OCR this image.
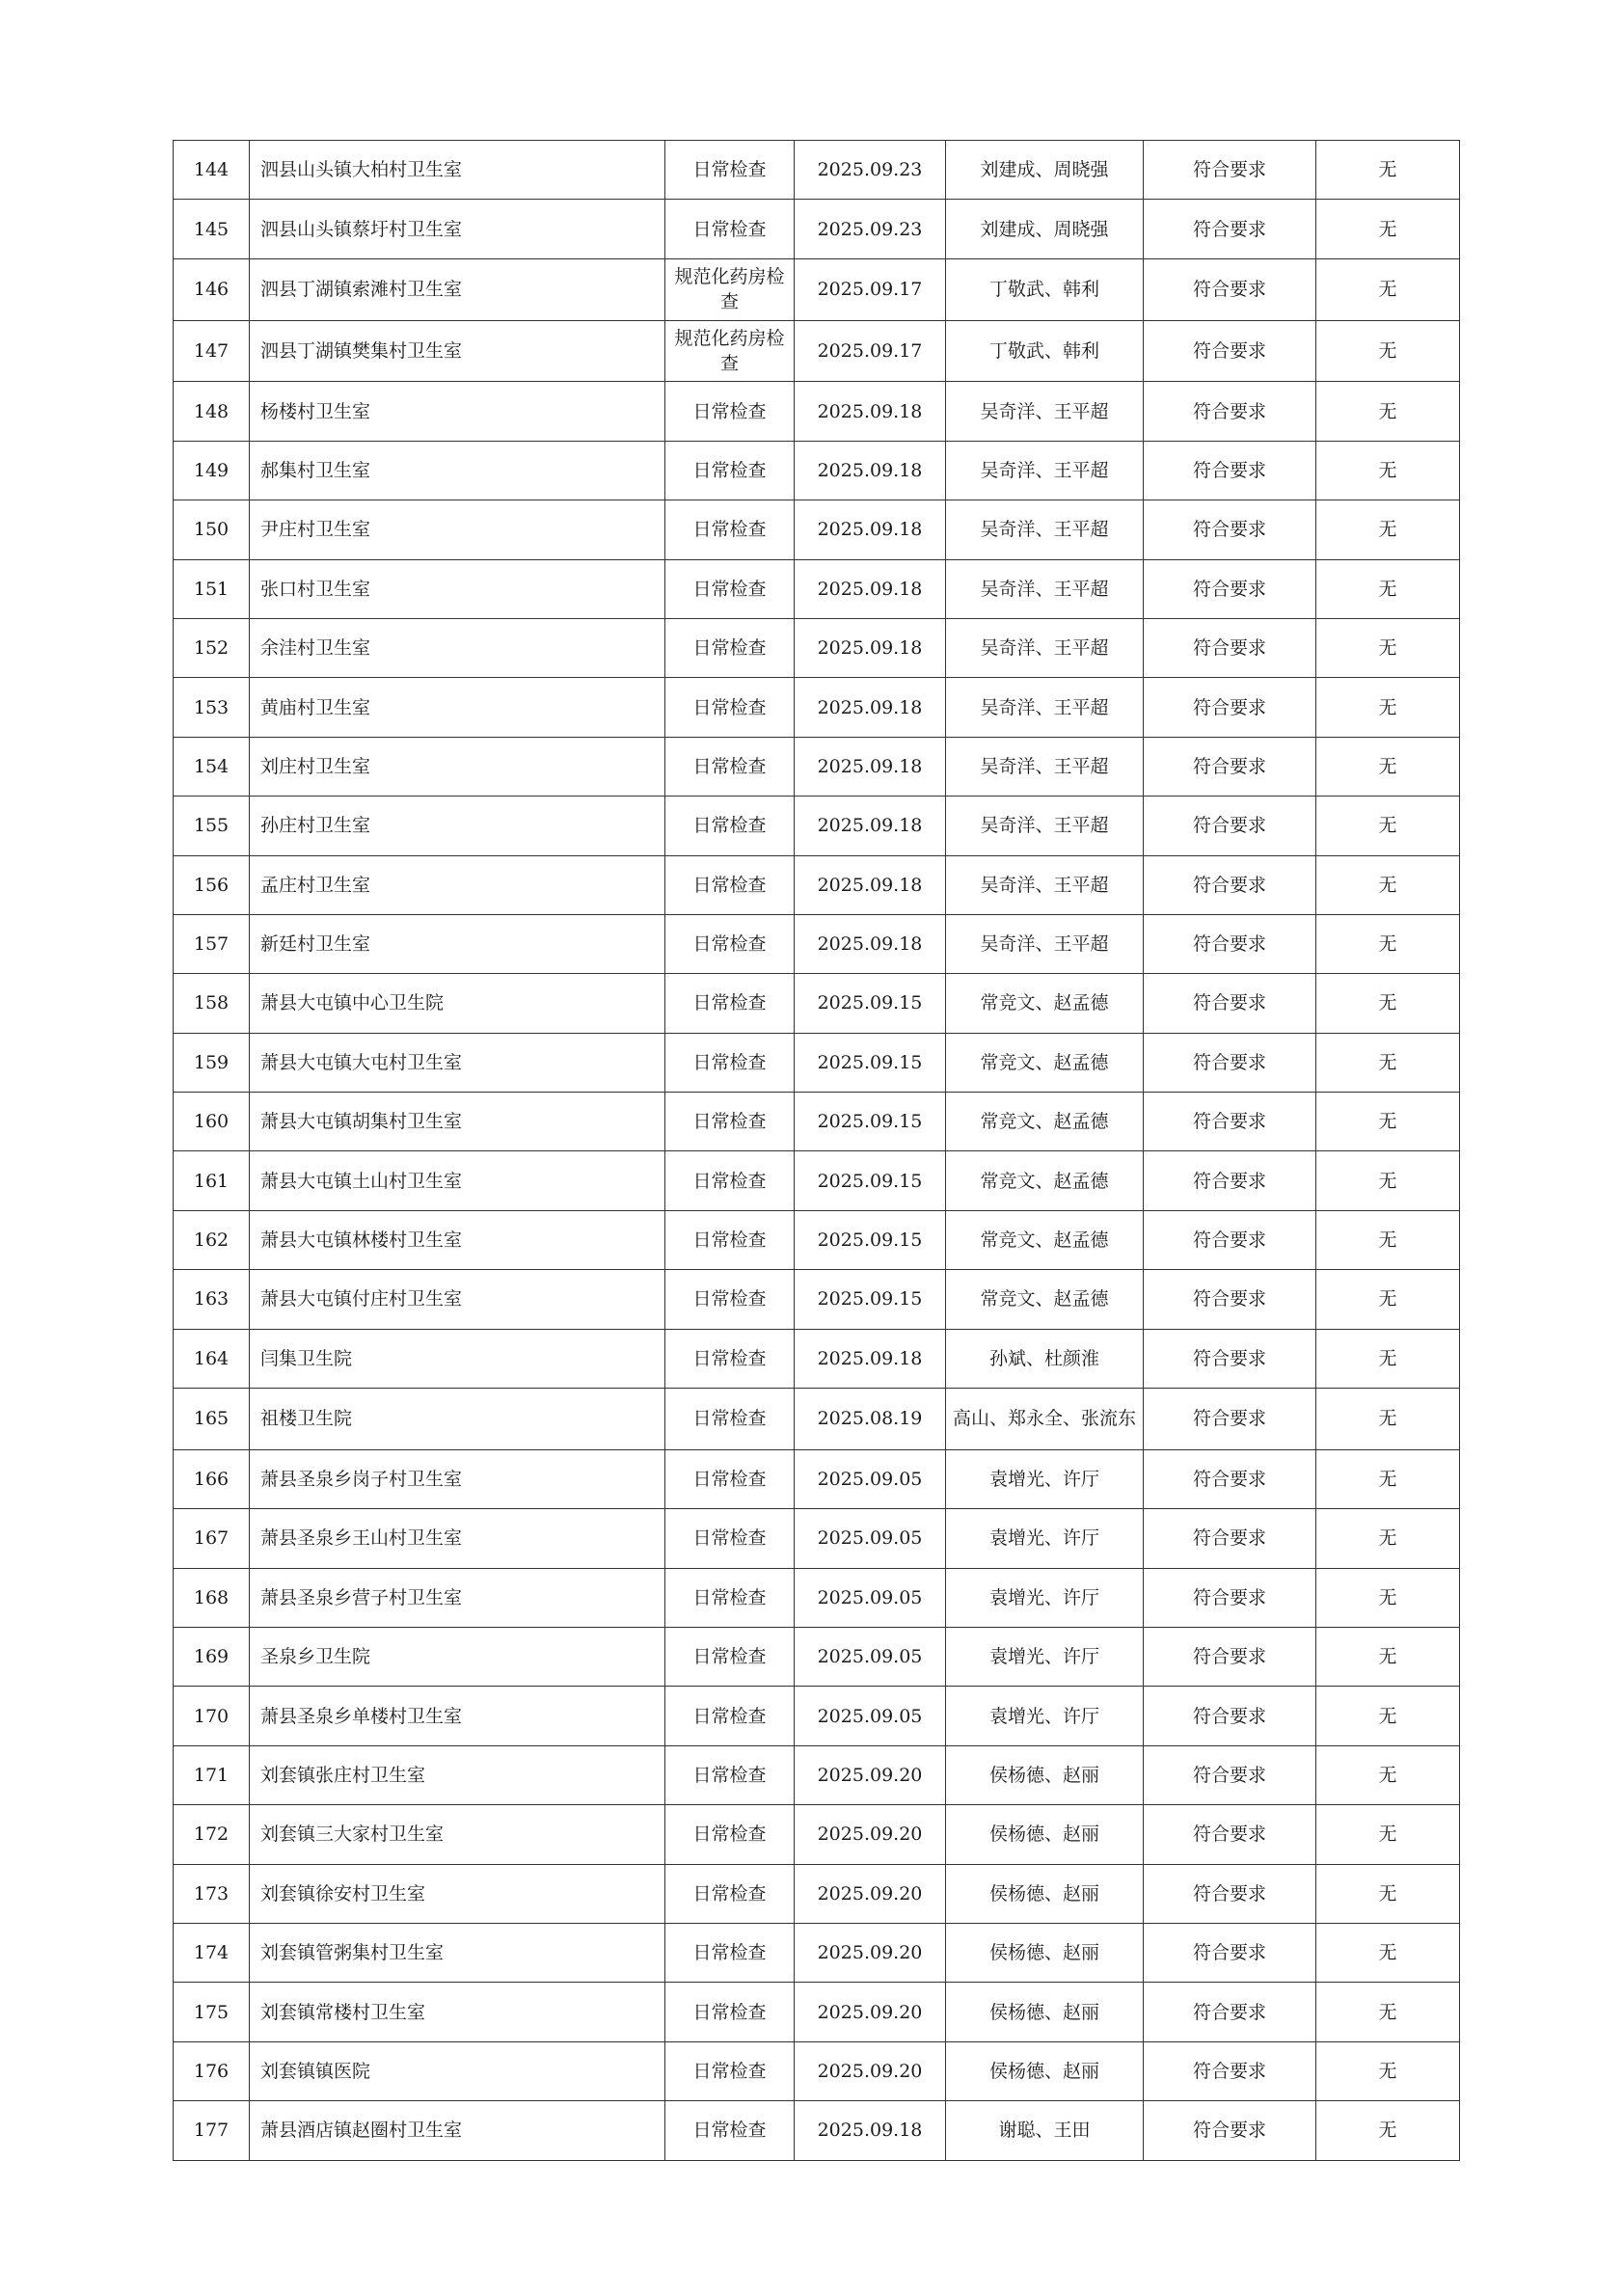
144	泗县山头镇大柏村卫生室	日常检查	2025.09.23	刘建成、周晓强	符合要求	无
145	泗县山头镇蔡圩村卫生室	日常检查	2025.09.23	刘建成、周晓强	符合要求	无
146	泗县丁湖镇索滩村卫生室	规范化药房检查	2025.09.17	丁敬武、韩利	符合要求	无
147	泗县丁湖镇樊集村卫生室	规范化药房检查	2025.09.17	丁敬武、韩利	符合要求	无
148	杨楼村卫生室	日常检查	2025.09.18	吴奇洋、王平超	符合要求	无
149	郝集村卫生室	日常检查	2025.09.18	吴奇洋、王平超	符合要求	无
150	尹庄村卫生室	日常检查	2025.09.18	吴奇洋、王平超	符合要求	无
151	张口村卫生室	日常检查	2025.09.18	吴奇洋、王平超	符合要求	无
152	余洼村卫生室	日常检查	2025.09.18	吴奇洋、王平超	符合要求	无
153	黄庙村卫生室	日常检查	2025.09.18	吴奇洋、王平超	符合要求	无
154	刘庄村卫生室	日常检查	2025.09.18	吴奇洋、王平超	符合要求	无
155	孙庄村卫生室	日常检查	2025.09.18	吴奇洋、王平超	符合要求	无
156	孟庄村卫生室	日常检查	2025.09.18	吴奇洋、王平超	符合要求	无
157	新廷村卫生室	日常检查	2025.09.18	吴奇洋、王平超	符合要求	无
158	萧县大屯镇中心卫生院	日常检查	2025.09.15	常竞文、赵孟德	符合要求	无
159	萧县大屯镇大屯村卫生室	日常检查	2025.09.15	常竞文、赵孟德	符合要求	无
160	萧县大屯镇胡集村卫生室	日常检查	2025.09.15	常竞文、赵孟德	符合要求	无
161	萧县大屯镇土山村卫生室	日常检查	2025.09.15	常竞文、赵孟德	符合要求	无
162	萧县大屯镇林楼村卫生室	日常检查	2025.09.15	常竞文、赵孟德	符合要求	无
163	萧县大屯镇付庄村卫生室	日常检查	2025.09.15	常竞文、赵孟德	符合要求	无
164	闫集卫生院	日常检查	2025.09.18	孙斌、杜颜淮	符合要求	无
165	祖楼卫生院	日常检查	2025.08.19	高山、郑永全、张流东	符合要求	无
166	萧县圣泉乡岗子村卫生室	日常检查	2025.09.05	袁增光、许厅	符合要求	无
167	萧县圣泉乡王山村卫生室	日常检查	2025.09.05	袁增光、许厅	符合要求	无
168	萧县圣泉乡营子村卫生室	日常检查	2025.09.05	袁增光、许厅	符合要求	无
169	圣泉乡卫生院	日常检查	2025.09.05	袁增光、许厅	符合要求	无
170	萧县圣泉乡单楼村卫生室	日常检查	2025.09.05	袁增光、许厅	符合要求	无
171	刘套镇张庄村卫生室	日常检查	2025.09.20	侯杨德、赵丽	符合要求	无
172	刘套镇三大家村卫生室	日常检查	2025.09.20	侯杨德、赵丽	符合要求	无
173	刘套镇徐安村卫生室	日常检查	2025.09.20	侯杨德、赵丽	符合要求	无
174	刘套镇管粥集村卫生室	日常检查	2025.09.20	侯杨德、赵丽	符合要求	无
175	刘套镇常楼村卫生室	日常检查	2025.09.20	侯杨德、赵丽	符合要求	无
176	刘套镇镇医院	日常检查	2025.09.20	侯杨德、赵丽	符合要求	无
177	萧县酒店镇赵圈村卫生室	日常检查	2025.09.18	谢聪、王田	符合要求	无
